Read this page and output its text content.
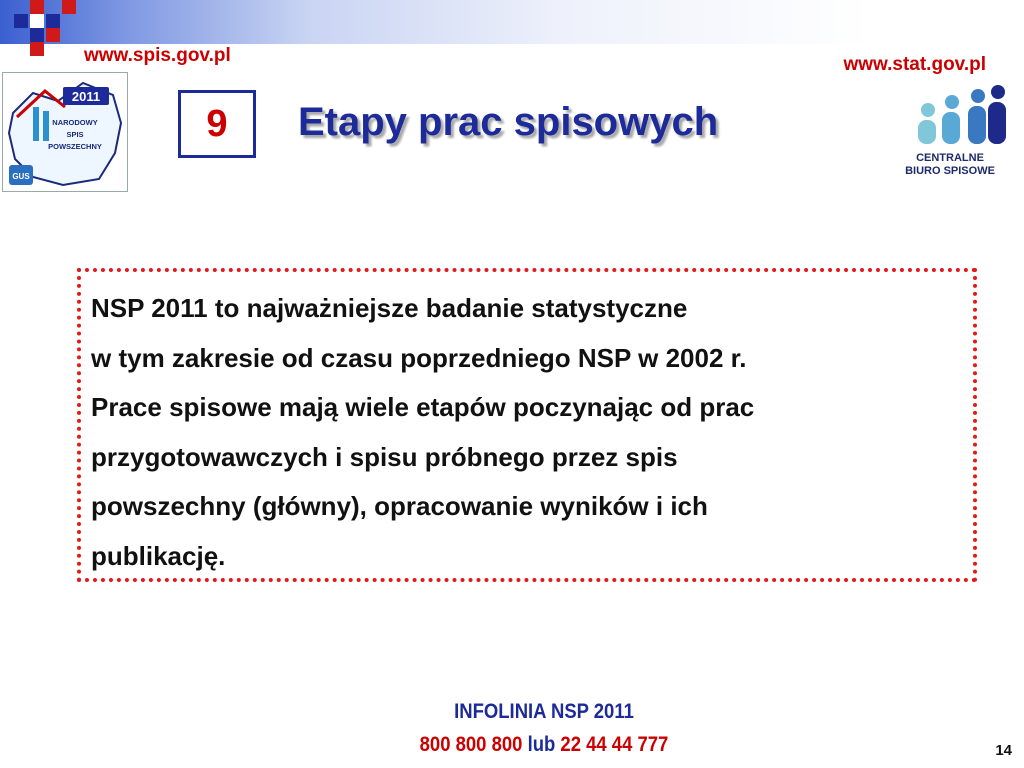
www.spis.gov.pl	www.stat.gov.pl
2011
NARODOWY
SPIS
POWSZECHNY
GUS
9	Etapy prac spisowych
CENTRALNE
BIURO SPISOWE
NSP 2011 to najważniejsze badanie statystyczne
w tym zakresie od czasu poprzedniego NSP w 2002 r.
Prace spisowe mają wiele etapów poczynając od prac
przygotowawczych i spisu próbnego przez spis
powszechny (główny), opracowanie wyników i ich
publikację.
INFOLINIA NSP 2011
800 800 800 lub 22 44 44 777	14
